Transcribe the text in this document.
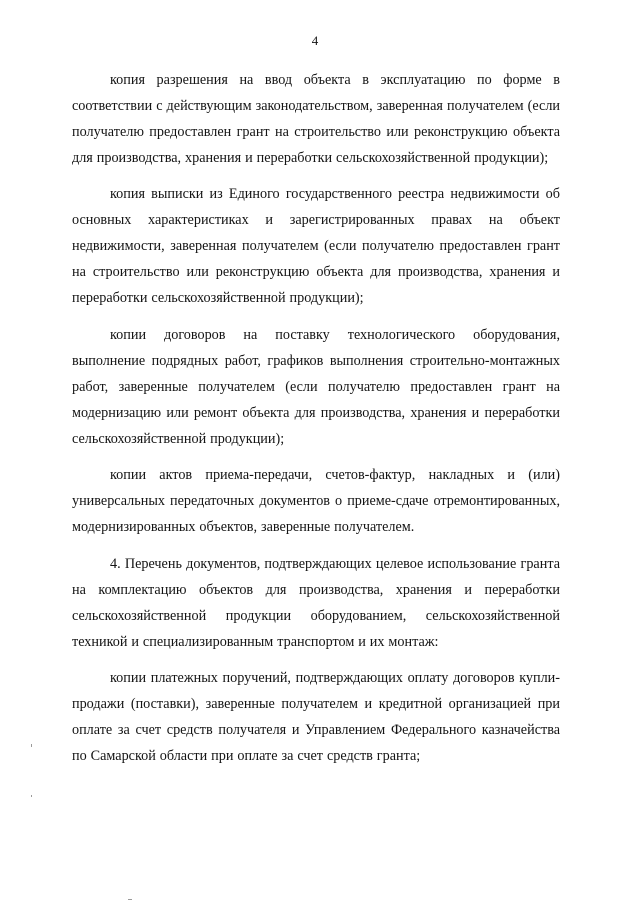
4

копия разрешения на ввод объекта в эксплуатацию по форме в соответствии с действующим законодательством, заверенная получателем (если получателю предоставлен грант на строительство или реконструкцию объекта для производства, хранения и переработки сельскохозяйственной продукции);

копия выписки из Единого государственного реестра недвижимости об основных характеристиках и зарегистрированных правах на объект недвижимости, заверенная получателем (если получателю предоставлен грант на строительство или реконструкцию объекта для производства, хранения и переработки сельскохозяйственной продукции);

копии договоров на поставку технологического оборудования, выполнение подрядных работ, графиков выполнения строительно-монтажных работ, заверенные получателем (если получателю предоставлен грант на модернизацию или ремонт объекта для производства, хранения и переработки сельскохозяйственной продукции);

копии актов приема-передачи, счетов-фактур, накладных и (или) универсальных передаточных документов о приеме-сдаче отремонтированных, модернизированных объектов, заверенные получателем.

4. Перечень документов, подтверждающих целевое использование гранта на комплектацию объектов для производства, хранения и переработки сельскохозяйственной продукции оборудованием, сельскохозяйственной техникой и специализированным транспортом и их монтаж:

копии платежных поручений, подтверждающих оплату договоров купли-продажи (поставки), заверенные получателем и кредитной организацией при оплате за счет средств получателя и Управлением Федерального казначейства по Самарской области при оплате за счет средств гранта;
